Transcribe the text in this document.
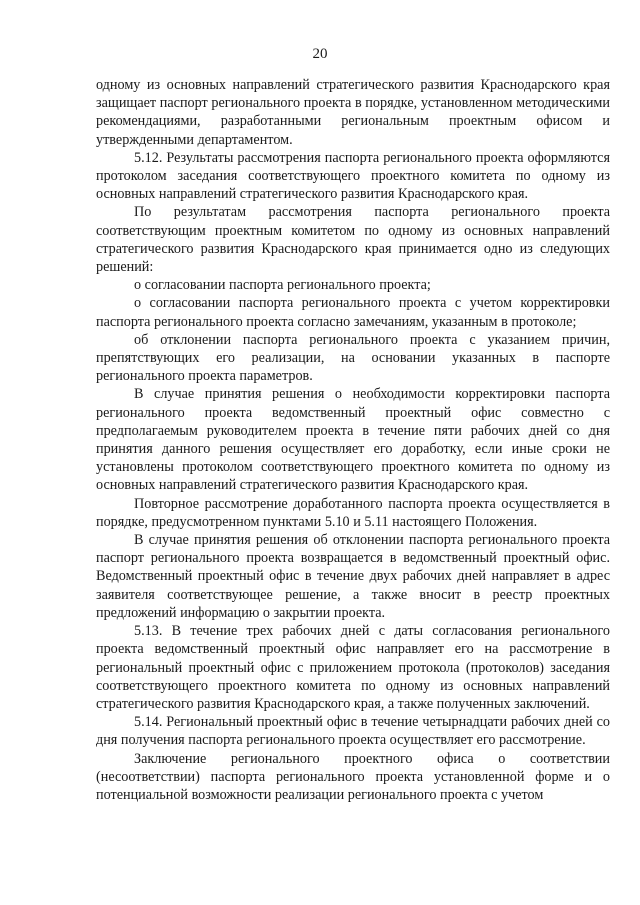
20

одному из основных направлений стратегического развития Краснодарского края защищает паспорт регионального проекта в порядке, установленном методическими рекомендациями, разработанными региональным проектным офисом и утвержденными департаментом.

5.12. Результаты рассмотрения паспорта регионального проекта оформляются протоколом заседания соответствующего проектного комитета по одному из основных направлений стратегического развития Краснодарского края.

По результатам рассмотрения паспорта регионального проекта соответствующим проектным комитетом по одному из основных направлений стратегического развития Краснодарского края принимается одно из следующих решений:

о согласовании паспорта регионального проекта;

о согласовании паспорта регионального проекта с учетом корректировки паспорта регионального проекта согласно замечаниям, указанным в протоколе;

об отклонении паспорта регионального проекта с указанием причин, препятствующих его реализации, на основании указанных в паспорте регионального проекта параметров.

В случае принятия решения о необходимости корректировки паспорта регионального проекта ведомственный проектный офис совместно с предполагаемым руководителем проекта в течение пяти рабочих дней со дня принятия данного решения осуществляет его доработку, если иные сроки не установлены протоколом соответствующего проектного комитета по одному из основных направлений стратегического развития Краснодарского края.

Повторное рассмотрение доработанного паспорта проекта осуществляется в порядке, предусмотренном пунктами 5.10 и 5.11 настоящего Положения.

В случае принятия решения об отклонении паспорта регионального проекта паспорт регионального проекта возвращается в ведомственный проектный офис. Ведомственный проектный офис в течение двух рабочих дней направляет в адрес заявителя соответствующее решение, а также вносит в реестр проектных предложений информацию о закрытии проекта.

5.13. В течение трех рабочих дней с даты согласования регионального проекта ведомственный проектный офис направляет его на рассмотрение в региональный проектный офис с приложением протокола (протоколов) заседания соответствующего проектного комитета по одному из основных направлений стратегического развития Краснодарского края, а также полученных заключений.

5.14. Региональный проектный офис в течение четырнадцати рабочих дней со дня получения паспорта регионального проекта осуществляет его рассмотрение.

Заключение регионального проектного офиса о соответствии (несоответствии) паспорта регионального проекта установленной форме и о потенциальной возможности реализации регионального проекта с учетом
